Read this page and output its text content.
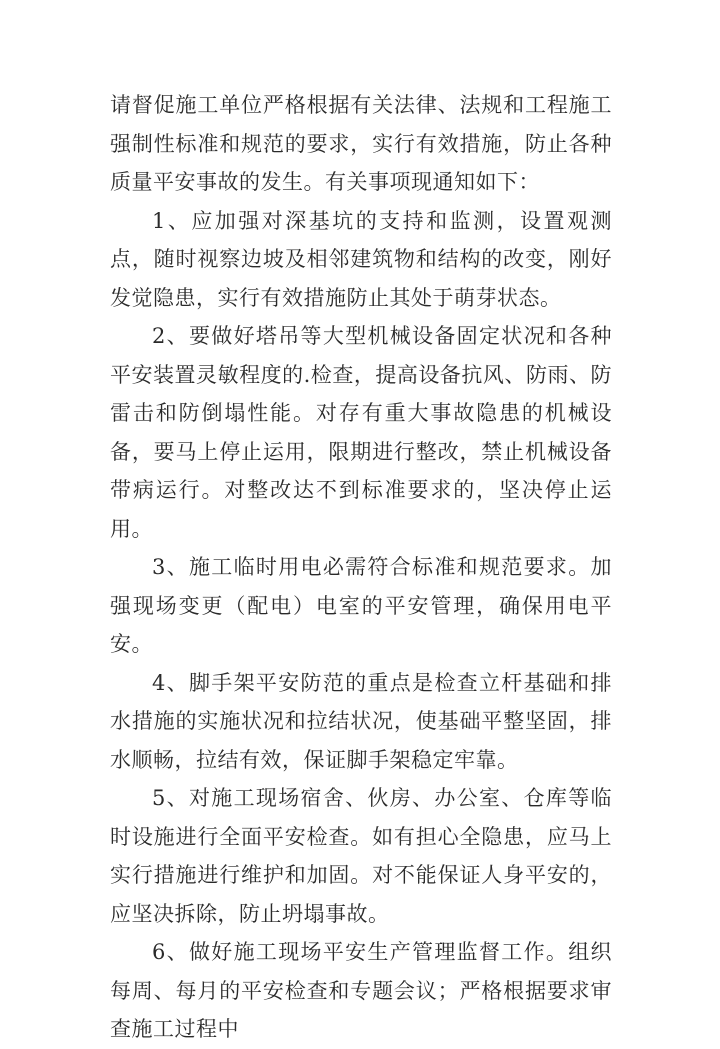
请督促施工单位严格根据有关法律、法规和工程施工强制性标准和规范的要求，实行有效措施，防止各种质量平安事故的发生。有关事项现通知如下：

1、应加强对深基坑的支持和监测，设置观测点，随时视察边坡及相邻建筑物和结构的改变，刚好发觉隐患，实行有效措施防止其处于萌芽状态。

2、要做好塔吊等大型机械设备固定状况和各种平安装置灵敏程度的.检查，提高设备抗风、防雨、防雷击和防倒塌性能。对存有重大事故隐患的机械设备，要马上停止运用，限期进行整改，禁止机械设备带病运行。对整改达不到标准要求的，坚决停止运用。

3、施工临时用电必需符合标准和规范要求。加强现场变更（配电）电室的平安管理，确保用电平安。

4、脚手架平安防范的重点是检查立杆基础和排水措施的实施状况和拉结状况，使基础平整坚固，排水顺畅，拉结有效，保证脚手架稳定牢靠。

5、对施工现场宿舍、伙房、办公室、仓库等临时设施进行全面平安检查。如有担心全隐患，应马上实行措施进行维护和加固。对不能保证人身平安的，应坚决拆除，防止坍塌事故。

6、做好施工现场平安生产管理监督工作。组织每周、每月的平安检查和专题会议；严格根据要求审查施工过程中
